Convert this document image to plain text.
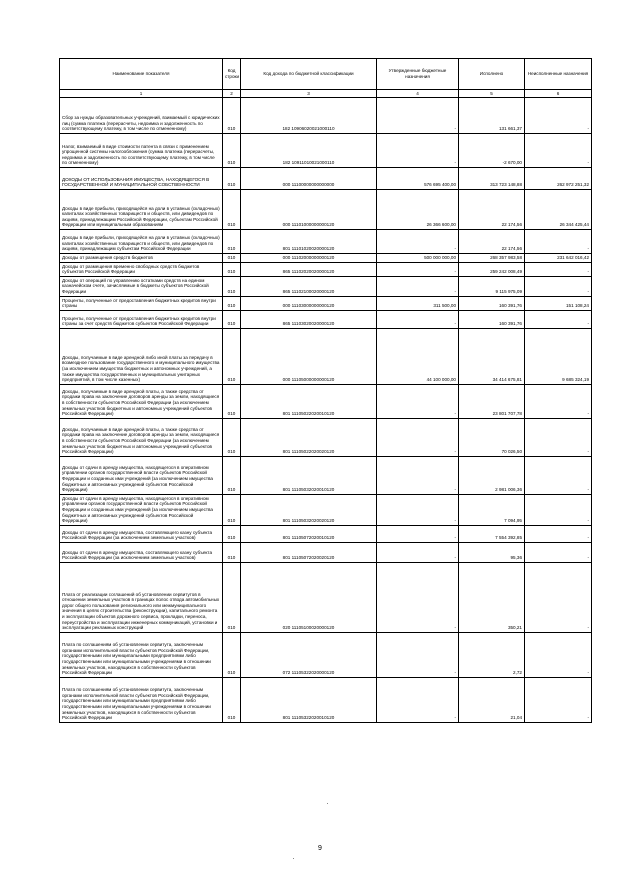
Наименование показателя	Код строки	Код дохода по бюджетной классификации	Утвержденные бюджетные назначения	Исполнено	Неисполненные назначения
1	2	3	4	5	6
Сбор за нужды образовательных учреждений, взимаемый с юридических лиц (сумма платежа (перерасчеты, недоимка и задолженность по соответствующему платежу, в том числе по отмененному)	010	182 10906020021000110	-	131 661,37	-
Налог, взимаемый в виде стоимости патента в связи с применением упрощенной системы налогообложения (сумма платежа (перерасчеты, недоимка и задолженность по соответствующему платежу, в том числе по отмененному)	010	182 10911010021000110	-	-2 670,00	-
ДОХОДЫ ОТ ИСПОЛЬЗОВАНИЯ ИМУЩЕСТВА, НАХОДЯЩЕГОСЯ В ГОСУДАРСТВЕННОЙ И МУНИЦИПАЛЬНОЙ СОБСТВЕННОСТИ	010	000 11100000000000000	576 695 400,00	313 723 148,88	262 972 251,32
Доходы в виде прибыли, приходящейся на доли в уставных (складочных) капиталах хозяйственных товариществ и обществ, или дивидендов по акциям, принадлежащим Российской Федерации, субъектам Российской Федерации или муниципальным образованиям	010	000 11101000000000120	26 366 600,00	22 174,56	26 344 425,44
Доходы в виде прибыли, приходящейся на доли в уставных (складочных) капиталах хозяйственных товариществ и обществ, или дивидендов по акциям, принадлежащим субъектам Российской Федерации	010	801 11101020020000120	-	22 174,56	-
Доходы от размещения средств бюджетов	010	000 11102000000000120	500 000 000,00	268 357 983,58	231 642 016,42
Доходы от размещения временно свободных средств бюджетов субъектов Российской Федерации	010	865 11102020020000120	-	259 242 008,49	-
Доходы от операций по управлению остатками средств на едином казначейском счете, зачисляемые в бюджеты субъектов Российской Федерации	010	865 11102100020000120	-	9 115 975,09	-
Проценты, полученные от предоставления бюджетных кредитов внутри страны	010	000 11103000000000120	311 500,00	160 391,76	151 108,24
Проценты, полученные от предоставления бюджетных кредитов внутри страны за счет средств бюджетов субъектов Российской Федерации	010	865 11103020020000120	-	160 391,76	-
Доходы, получаемые в виде арендной либо иной платы за передачу в возмездное пользование государственного и муниципального имущества (за исключением имущества бюджетных и автономных учреждений, а также имущества государственных и муниципальных унитарных предприятий, в том числе казенных)	010	000 11105000000000120	44 100 000,00	34 414 675,81	9 685 324,19
Доходы, получаемые в виде арендной платы, а также средства от продажи права на заключение договоров аренды за земли, находящиеся в собственности субъектов Российской Федерации (за исключением земельных участков бюджетных и автономных учреждений субъектов Российской Федерации)	010	801 11105022020010120	-	23 801 707,78	-
Доходы, получаемые в виде арендной платы, а также средства от продажи права на заключение договоров аренды за земли, находящиеся в собственности субъектов Российской Федерации (за исключением земельных участков бюджетных и автономных учреждений субъектов Российской Федерации)	010	801 11105022020020120	-	70 026,50	-
Доходы от сдачи в аренду имущества, находящегося в оперативном управлении органов государственной власти субъектов Российской Федерации и созданных ими учреждений (за исключением имущества бюджетных и автономных учреждений субъектов Российской Федерации)	010	801 11105032020010120	-	2 981 006,36	-
Доходы от сдачи в аренду имущества, находящегося в оперативном управлении органов государственной власти субъектов Российской Федерации и созданных ими учреждений (за исключением имущества бюджетных и автономных учреждений субъектов Российской Федерации)	010	801 11105032020020120	-	7 094,95	-
Доходы от сдачи в аренду имущества, составляющего казну субъекта Российской Федерации (за исключением земельных участков)	010	801 11105072020010120	-	7 554 392,85	-
Доходы от сдачи в аренду имущества, составляющего казну субъекта Российской Федерации (за исключением земельных участков)	010	801 11105072020020120	-	95,36	-
Плата от реализации соглашений об установлении сервитутов в отношении земельных участков в границах полос отвода автомобильных дорог общего пользования регионального или межмуниципального значения в целях строительства (реконструкции), капитального ремонта и эксплуатации объектов дорожного сервиса, прокладки, переноса, переустройства и эксплуатации инженерных коммуникаций, установки и эксплуатации рекламных конструкций	010	020 11105100020000120	-	350,21	-
Плата по соглашениям об установлении сервитута, заключенным органами исполнительной власти субъектов Российской Федерации, государственными или муниципальными предприятиями либо государственными или муниципальными учреждениями в отношении земельных участков, находящихся в собственности субъектов Российской Федерации	010	072 11105322020000120	-	2,72	-
Плата по соглашениям об установлении сервитута, заключенным органами исполнительной власти субъектов Российской Федерации, государственными или муниципальными предприятиями либо государственными или муниципальными учреждениями в отношении земельных участков, находящихся в собственности субъектов Российской Федерации	010	801 11105322020010120	-	21,04	-
9
